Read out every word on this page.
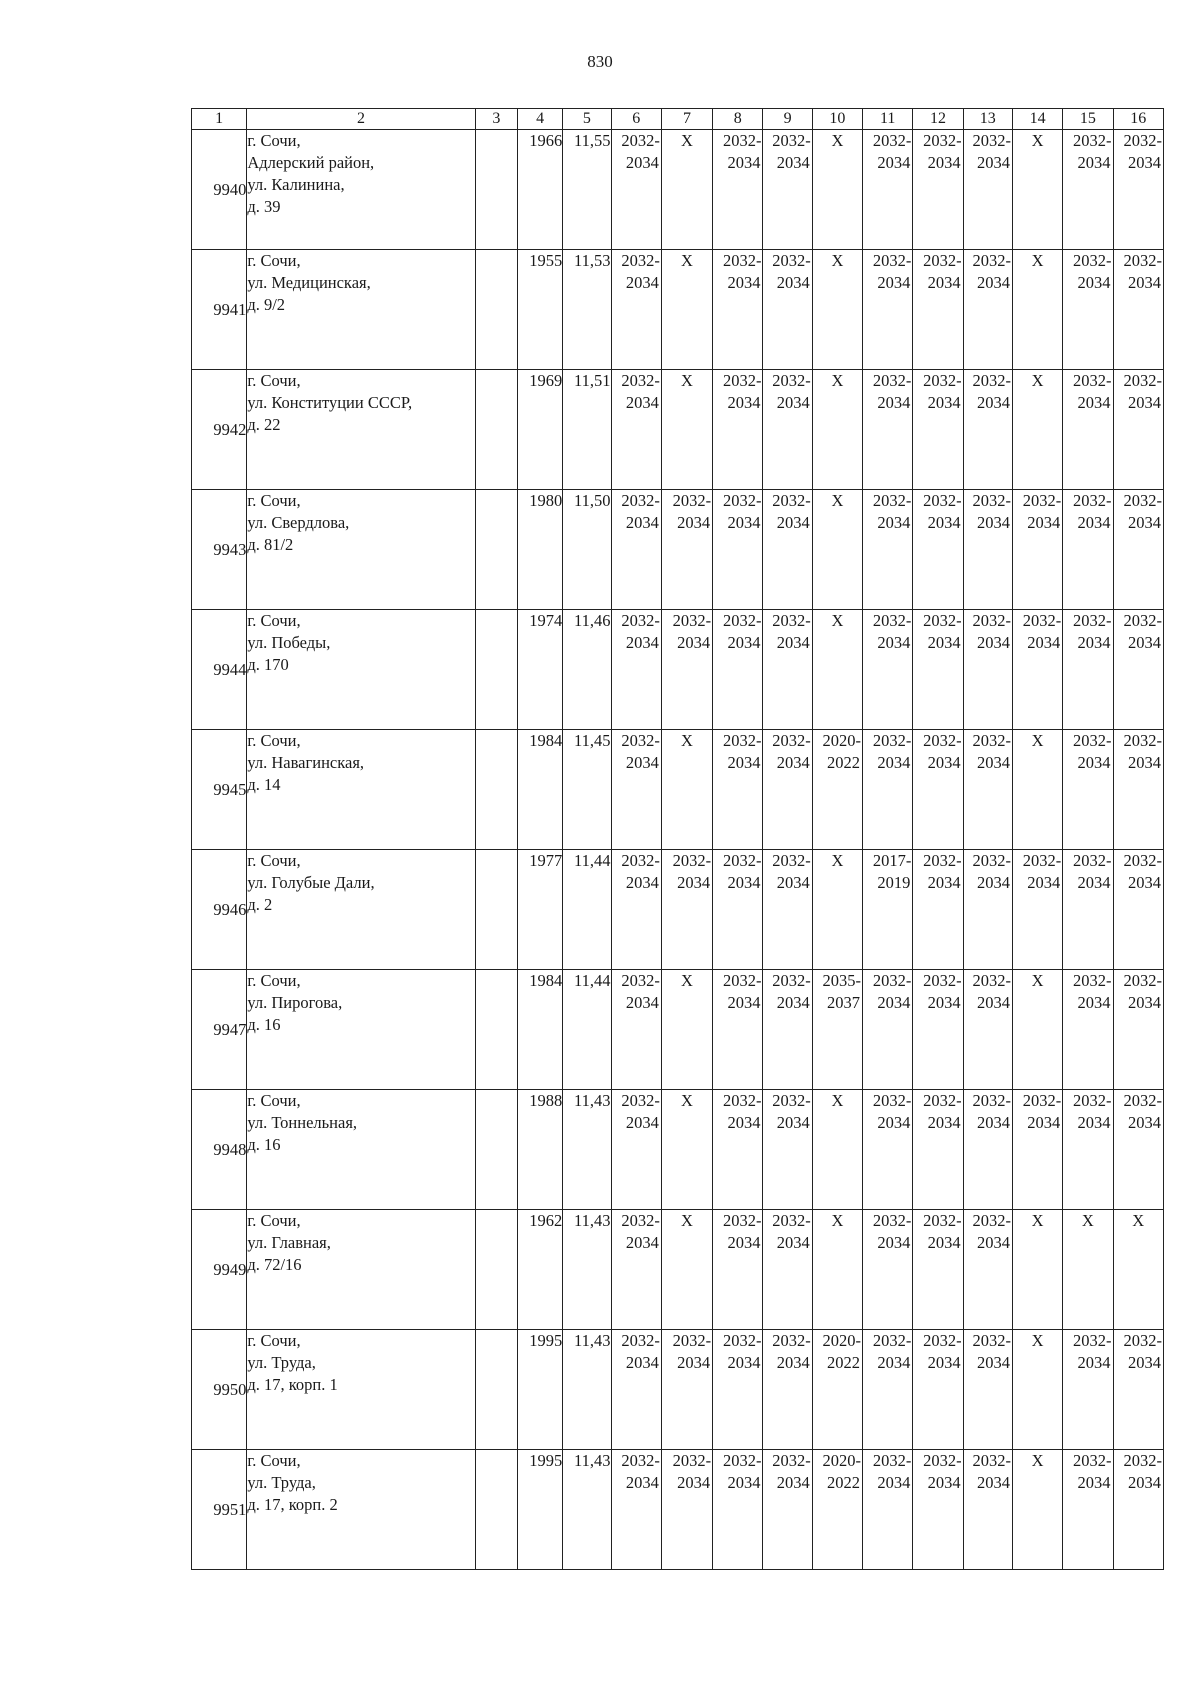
830
1	2	3	4	5	6	7	8	9	10	11	12	13	14	15	16
9940	г. Сочи,
Адлерский район,
ул. Калинина,
д. 39		1966	11,55	2032-
2034	X	2032-
2034	2032-
2034	X	2032-
2034	2032-
2034	2032-
2034	X	2032-
2034	2032-
2034

9941	г. Сочи,
ул. Медицинская,
д. 9/2		1955	11,53	2032-
2034	X	2032-
2034	2032-
2034	X	2032-
2034	2032-
2034	2032-
2034	X	2032-
2034	2032-
2034

9942	г. Сочи,
ул. Конституции СССР,
д. 22		1969	11,51	2032-
2034	X	2032-
2034	2032-
2034	X	2032-
2034	2032-
2034	2032-
2034	X	2032-
2034	2032-
2034

9943	г. Сочи,
ул. Свердлова,
д. 81/2		1980	11,50	2032-
2034	2032-
2034	2032-
2034	2032-
2034	X	2032-
2034	2032-
2034	2032-
2034	2032-
2034	2032-
2034	2032-
2034

9944	г. Сочи,
ул. Победы,
д. 170		1974	11,46	2032-
2034	2032-
2034	2032-
2034	2032-
2034	X	2032-
2034	2032-
2034	2032-
2034	2032-
2034	2032-
2034	2032-
2034

9945	г. Сочи,
ул. Навагинская,
д. 14		1984	11,45	2032-
2034	X	2032-
2034	2032-
2034	2020-
2022	2032-
2034	2032-
2034	2032-
2034	X	2032-
2034	2032-
2034

9946	г. Сочи,
ул. Голубые Дали,
д. 2		1977	11,44	2032-
2034	2032-
2034	2032-
2034	2032-
2034	X	2017-
2019	2032-
2034	2032-
2034	2032-
2034	2032-
2034	2032-
2034

9947	г. Сочи,
ул. Пирогова,
д. 16		1984	11,44	2032-
2034	X	2032-
2034	2032-
2034	2035-
2037	2032-
2034	2032-
2034	2032-
2034	X	2032-
2034	2032-
2034

9948	г. Сочи,
ул. Тоннельная,
д. 16		1988	11,43	2032-
2034	X	2032-
2034	2032-
2034	X	2032-
2034	2032-
2034	2032-
2034	2032-
2034	2032-
2034	2032-
2034

9949	г. Сочи,
ул. Главная,
д. 72/16		1962	11,43	2032-
2034	X	2032-
2034	2032-
2034	X	2032-
2034	2032-
2034	2032-
2034	X	X	X
9950	г. Сочи,
ул. Труда,
д. 17, корп. 1		1995	11,43	2032-
2034	2032-
2034	2032-
2034	2032-
2034	2020-
2022	2032-
2034	2032-
2034	2032-
2034	X	2032-
2034	2032-
2034

9951	г. Сочи,
ул. Труда,
д. 17, корп. 2		1995	11,43	2032-
2034	2032-
2034	2032-
2034	2032-
2034	2020-
2022	2032-
2034	2032-
2034	2032-
2034	X	2032-
2034	2032-
2034
